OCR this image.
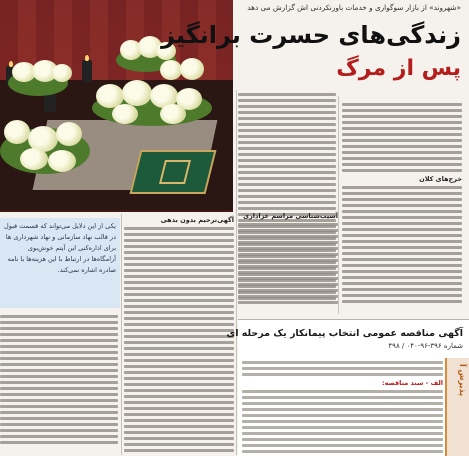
«شهروند» از بازار سوگواری و خدمات باورنکردنی اش گزارش می دهد
زندگی‌های حسرت برانگیز
پس از مرگ
خرج‌های کلان
آگهی‌ترحیم بدون بدهی	آسیب‌شناسی مراسم عزاداری
یکی از این دلایل می‌تواند که قسمت قبول در قالب نهاد سازمانی و نهاد شهرداری ها برای اداره‌کنی این آیتم خوش‌بوی آرامگاه‌ها در ارتباط با این هزینه‌ها با نامه صادره اشاره نمی‌کند.
آگهی مناقصه عمومی انتخاب پیمانکار یک مرحله ای
شماره ۳۹۶-۹۶-۰۴۰ / ۴۹۸
پذیرش آ
الف - سند مناقصه:
